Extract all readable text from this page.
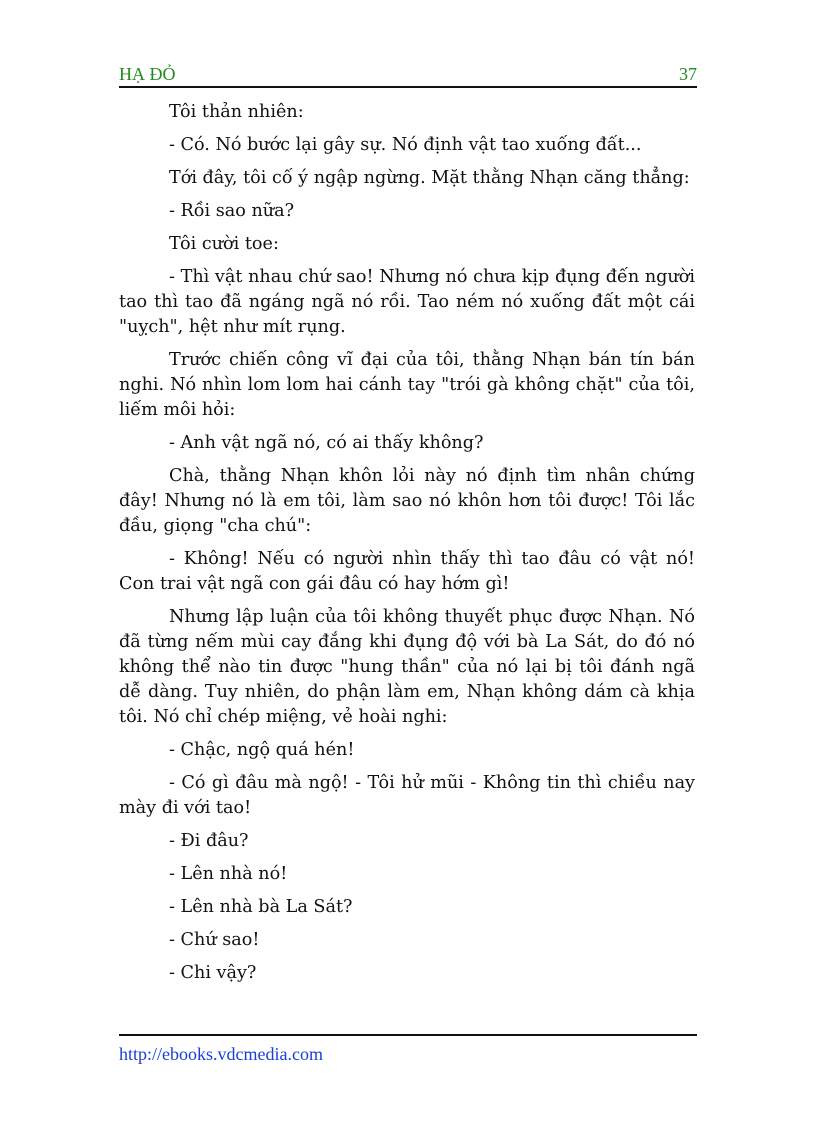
HẠ ĐỎ	37

Tôi thản nhiên:

- Có. Nó bước lại gây sự. Nó định vật tao xuống đất...

Tới đây, tôi cố ý ngập ngừng. Mặt thằng Nhạn căng thẳng:

- Rồi sao nữa?

Tôi cười toe:

- Thì vật nhau chứ sao! Nhưng nó chưa kịp đụng đến người tao thì tao đã ngáng ngã nó rồi. Tao ném nó xuống đất một cái "uỵch", hệt như mít rụng.

Trước chiến công vĩ đại của tôi, thằng Nhạn bán tín bán nghi. Nó nhìn lom lom hai cánh tay "trói gà không chặt" của tôi, liếm môi hỏi:

- Anh vật ngã nó, có ai thấy không?

Chà, thằng Nhạn khôn lỏi này nó định tìm nhân chứng đây! Nhưng nó là em tôi, làm sao nó khôn hơn tôi được! Tôi lắc đầu, giọng "cha chú":

- Không! Nếu có người nhìn thấy thì tao đâu có vật nó! Con trai vật ngã con gái đâu có hay hớm gì!

Nhưng lập luận của tôi không thuyết phục được Nhạn. Nó đã từng nếm mùi cay đắng khi đụng độ với bà La Sát, do đó nó không thể nào tin được "hung thần" của nó lại bị tôi đánh ngã dễ dàng. Tuy nhiên, do phận làm em, Nhạn không dám cà khịa tôi. Nó chỉ chép miệng, vẻ hoài nghi:

- Chậc, ngộ quá hén!

- Có gì đâu mà ngộ! - Tôi hử mũi - Không tin thì chiều nay mày đi với tao!

- Đi đâu?

- Lên nhà nó!

- Lên nhà bà La Sát?

- Chứ sao!

- Chi vậy?

http://ebooks.vdcmedia.com
